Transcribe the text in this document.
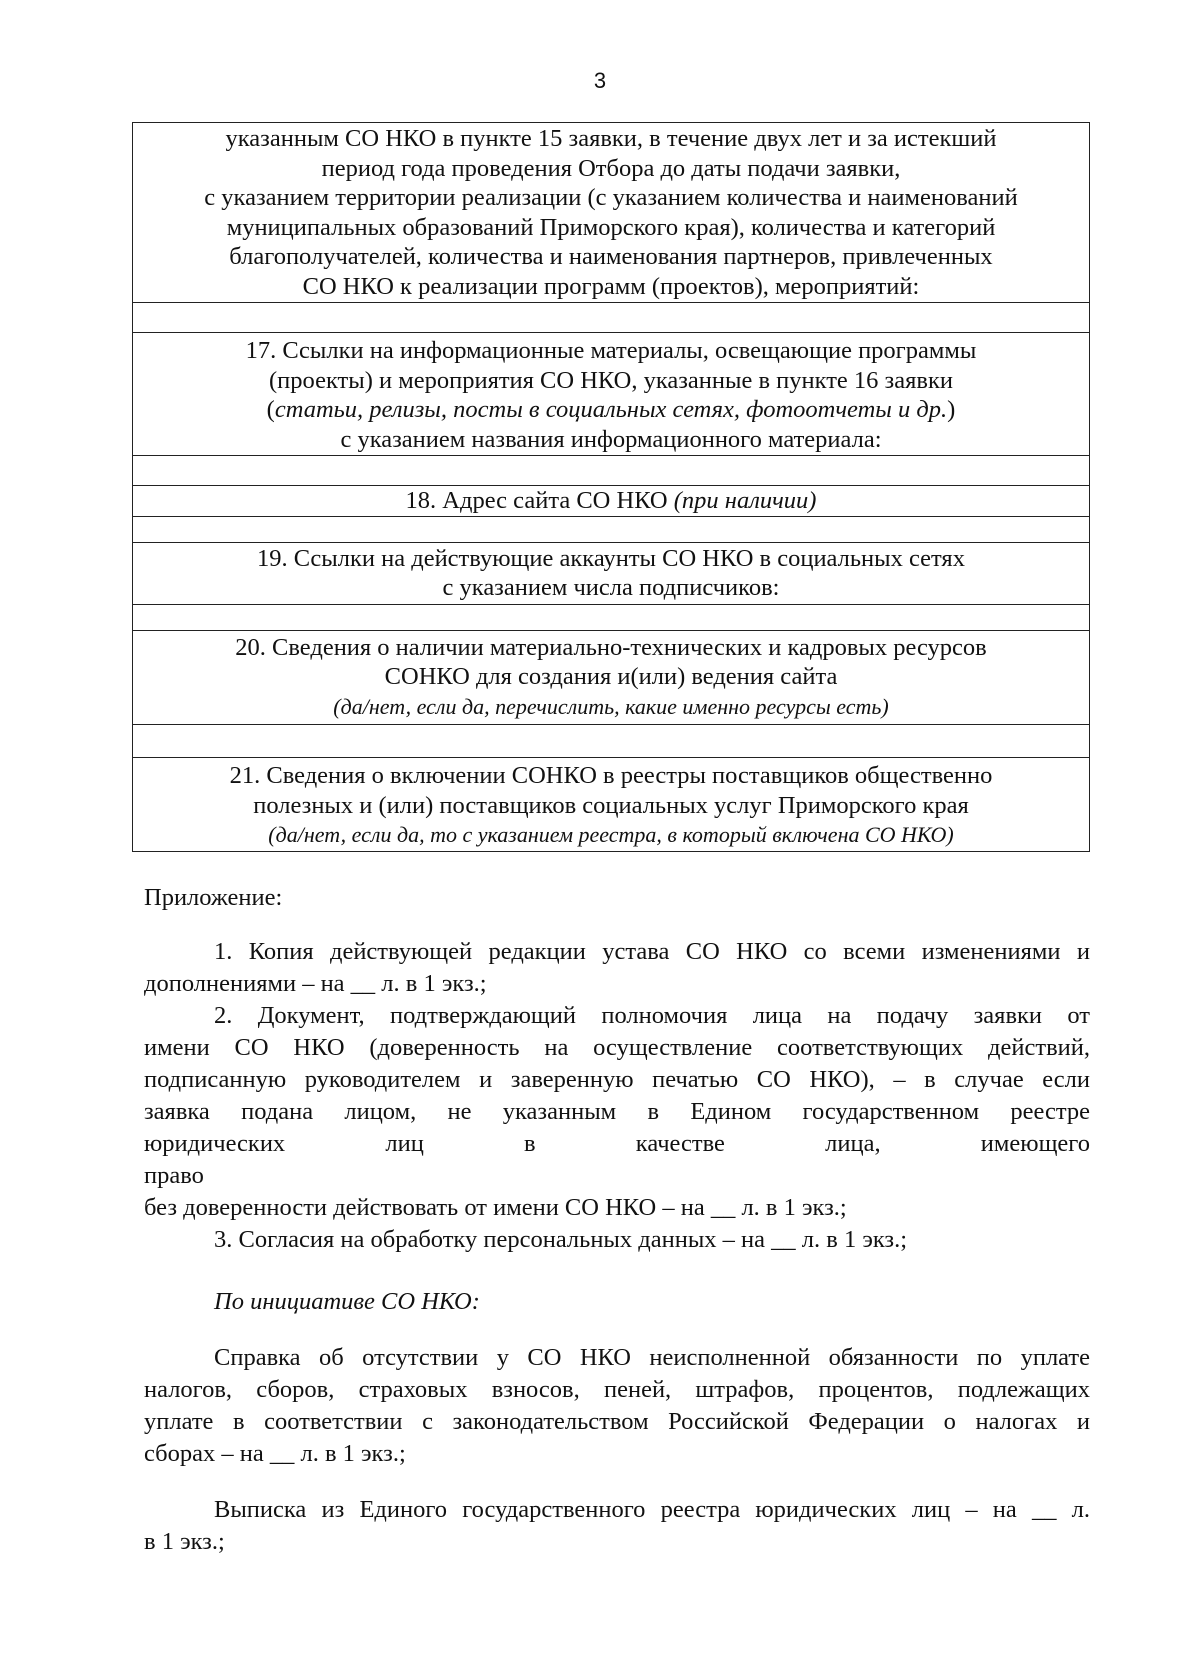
3
указанным СО НКО в пункте 15 заявки, в течение двух лет и за истекший
период года проведения Отбора до даты подачи заявки,
с указанием территории реализации (с указанием количества и наименований
муниципальных образований Приморского края), количества и категорий
благополучателей, количества и наименования партнеров, привлеченных
СО НКО к реализации программ (проектов), мероприятий:
17. Ссылки на информационные материалы, освещающие программы
(проекты) и мероприятия СО НКО, указанные в пункте 16 заявки
(статьи, релизы, посты в социальных сетях, фотоотчеты и др.)
с указанием названия информационного материала:
18. Адрес сайта СО НКО (при наличии)
19. Ссылки на действующие аккаунты СО НКО в социальных сетях
с указанием числа подписчиков:
20. Сведения о наличии материально-технических и кадровых ресурсов
СОНКО для создания и(или) ведения сайта
(да/нет, если да, перечислить, какие именно ресурсы есть)
21. Сведения о включении СОНКО в реестры поставщиков общественно
полезных и (или) поставщиков социальных услуг Приморского края
(да/нет, если да, то с указанием реестра, в который включена СО НКО)

Приложение:

1. Копия действующей редакции устава СО НКО со всеми изменениями и
дополнениями – на __ л. в 1 экз.;

2. Документ, подтверждающий полномочия лица на подачу заявки от
имени СО НКО (доверенность на осуществление соответствующих действий,
подписанную руководителем и заверенную печатью СО НКО), – в случае если
заявка подана лицом, не указанным в Едином государственном реестре
юридических лиц в качестве лица, имеющего право
без доверенности действовать от имени СО НКО – на __ л. в 1 экз.;

3. Согласия на обработку персональных данных – на __ л. в 1 экз.;

По инициативе СО НКО:

Справка об отсутствии у СО НКО неисполненной обязанности по уплате
налогов, сборов, страховых взносов, пеней, штрафов, процентов, подлежащих
уплате в соответствии с законодательством Российской Федерации о налогах и
сборах – на __ л. в 1 экз.;

Выписка из Единого государственного реестра юридических лиц – на __ л.
в 1 экз.;
